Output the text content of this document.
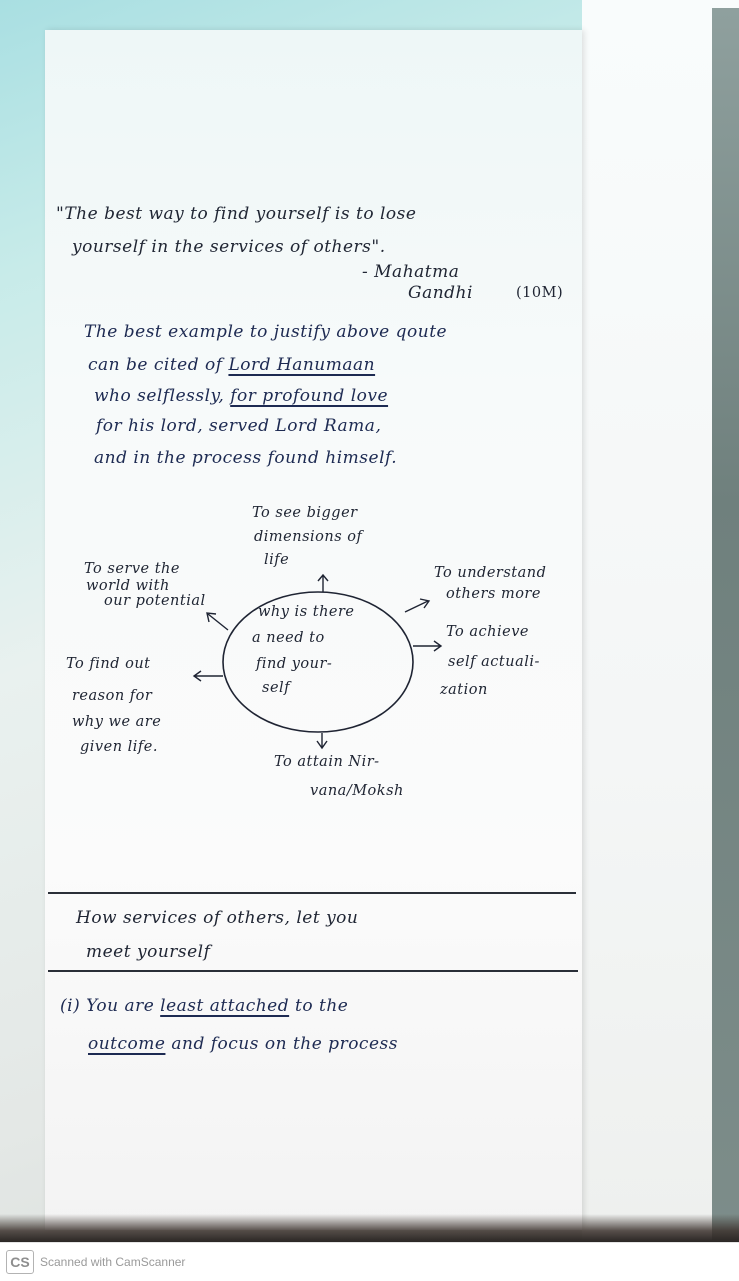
"The best way to find yourself is to lose
yourself in the services of others".
- Mahatma
Gandhi	(10M)
The best example to justify above qoute
can be cited of Lord Hanumaan
who selflessly, for profound love
for his lord, served Lord Rama,
and in the process found himself.
why is there
a need to
find your-
self
To see bigger
dimensions of
life
To serve the
world with
our potential
To find out
reason for
why we are
given life.
To understand
others more
To achieve
self actuali-
zation
To attain Nir-
vana/Moksh
How services of others, let you
meet yourself
(i) You are least attached to the
outcome and focus on the process
CS Scanned with CamScanner
